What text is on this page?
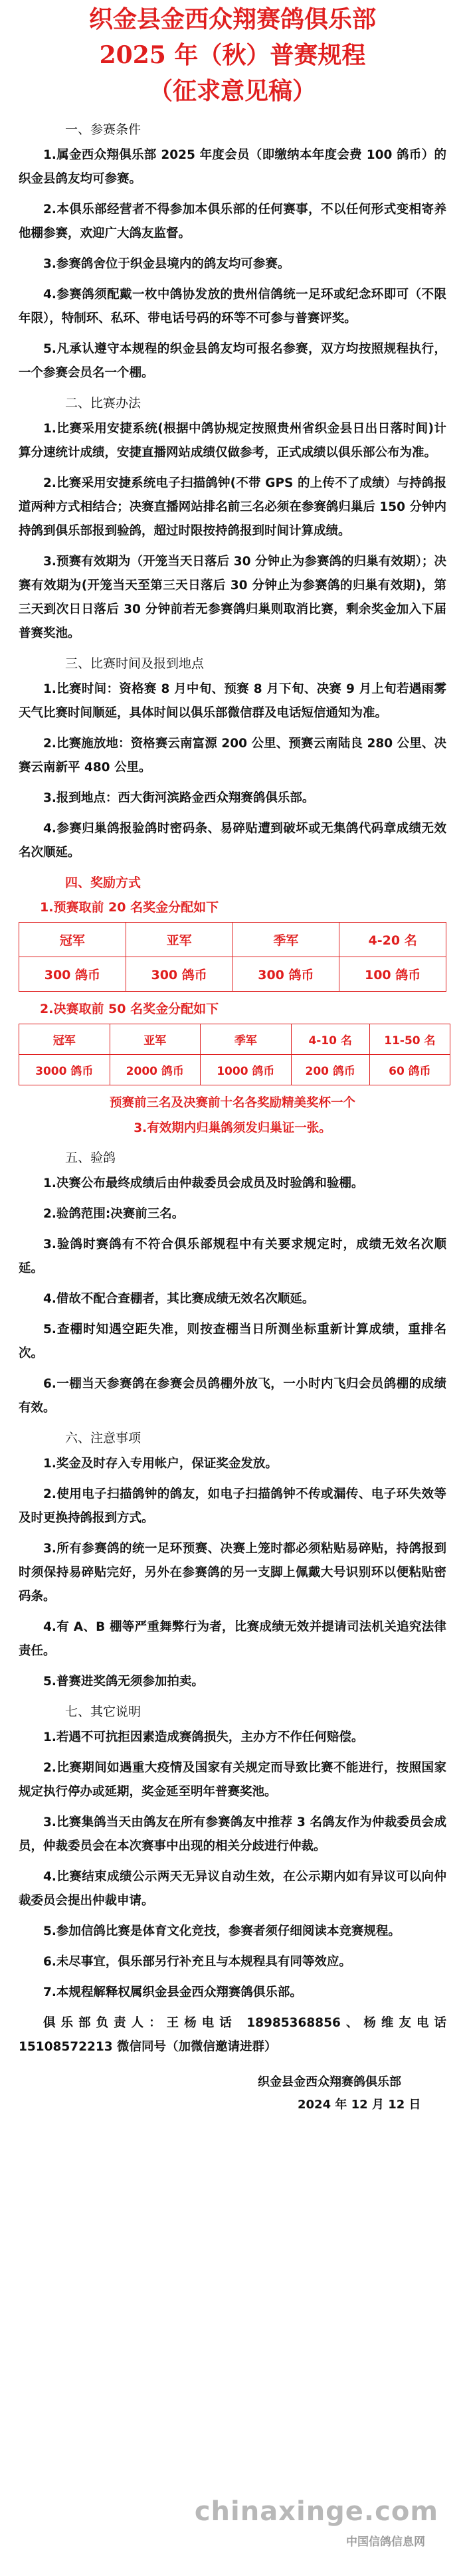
织金县金西众翔赛鸽俱乐部
2025 年（秋）普赛规程
（征求意见稿）
一、参赛条件
1.属金西众翔俱乐部 2025 年度会员（即缴纳本年度会费 100 鸽币）的织金县鸽友均可参赛。
2.本俱乐部经营者不得参加本俱乐部的任何赛事，不以任何形式变相寄养他棚参赛，欢迎广大鸽友监督。
3.参赛鸽舍位于织金县境内的鸽友均可参赛。
4.参赛鸽须配戴一枚中鸽协发放的贵州信鸽统一足环或纪念环即可（不限年限），特制环、私环、带电话号码的环等不可参与普赛评奖。
5.凡承认遵守本规程的织金县鸽友均可报名参赛，双方均按照规程执行，一个参赛会员名一个棚。
二、比赛办法
1.比赛采用安捷系统(根据中鸽协规定按照贵州省织金县日出日落时间)计算分速统计成绩，安捷直播网站成绩仅做参考，正式成绩以俱乐部公布为准。
2.比赛采用安捷系统电子扫描鸽钟(不带 GPS 的上传不了成绩）与持鸽报道两种方式相结合；决赛直播网站排名前三名必须在参赛鸽归巢后 150 分钟内持鸽到俱乐部报到验鸽，超过时限按持鸽报到时间计算成绩。
3.预赛有效期为（开笼当天日落后 30 分钟止为参赛鸽的归巢有效期）；决赛有效期为(开笼当天至第三天日落后 30 分钟止为参赛鸽的归巢有效期)，第三天到次日日落后 30 分钟前若无参赛鸽归巢则取消比赛，剩余奖金加入下届普赛奖池。
三、比赛时间及报到地点
1.比赛时间：资格赛 8 月中旬、预赛 8 月下旬、决赛 9 月上旬若遇雨雾天气比赛时间顺延，具体时间以俱乐部微信群及电话短信通知为准。
2.比赛施放地：资格赛云南富源 200 公里、预赛云南陆良 280 公里、决赛云南新平 480 公里。
3.报到地点：西大街河滨路金西众翔赛鸽俱乐部。
4.参赛归巢鸽报验鸽时密码条、易碎贴遭到破坏或无集鸽代码章成绩无效名次顺延。
四、奖励方式
1.预赛取前 20 名奖金分配如下
冠军	亚军	季军	4-20 名
300 鸽币	300 鸽币	300 鸽币	100 鸽币
2.决赛取前 50 名奖金分配如下
冠军	亚军	季军	4-10 名	11-50 名
3000 鸽币	2000 鸽币	1000 鸽币	200 鸽币	60 鸽币
预赛前三名及决赛前十名各奖励精美奖杯一个
3.有效期内归巢鸽须发归巢证一张。
五、验鸽
1.决赛公布最终成绩后由仲裁委员会成员及时验鸽和验棚。
2.验鸽范围:决赛前三名。
3.验鸽时赛鸽有不符合俱乐部规程中有关要求规定时，成绩无效名次顺延。
4.借故不配合查棚者，其比赛成绩无效名次顺延。
5.查棚时知遇空距失准，则按查棚当日所测坐标重新计算成绩，重排名次。
6.一棚当天参赛鸽在参赛会员鸽棚外放飞，一小时内飞归会员鸽棚的成绩有效。
六、注意事项
1.奖金及时存入专用帐户，保证奖金发放。
2.使用电子扫描鸽钟的鸽友，如电子扫描鸽钟不传或漏传、电子环失效等及时更换持鸽报到方式。
3.所有参赛鸽的统一足环预赛、决赛上笼时都必须粘贴易碎贴，持鸽报到时须保持易碎贴完好，另外在参赛鸽的另一支脚上佩戴大号识别环以便粘贴密码条。
4.有 A、B 棚等严重舞弊行为者，比赛成绩无效并提请司法机关追究法律责任。
5.普赛进奖鸽无须参加拍卖。
七、其它说明
1.若遇不可抗拒因素造成赛鸽损失，主办方不作任何赔偿。
2.比赛期间如遇重大疫情及国家有关规定而导致比赛不能进行，按照国家规定执行停办或延期，奖金延至明年普赛奖池。
3.比赛集鸽当天由鸽友在所有参赛鸽友中推荐 3 名鸽友作为仲裁委员会成员，仲裁委员会在本次赛事中出现的相关分歧进行仲裁。
4.比赛结束成绩公示两天无异议自动生效，在公示期内如有异议可以向仲裁委员会提出仲裁申请。
5.参加信鸽比赛是体育文化竞技，参赛者须仔细阅读本竞赛规程。
6.未尽事宜，俱乐部另行补充且与本规程具有同等效应。
7.本规程解释权属织金县金西众翔赛鸽俱乐部。
俱乐部负责人：王杨电话 18985368856、杨维友电话 15108572213 微信同号（加微信邀请进群）
织金县金西众翔赛鸽俱乐部
2024 年 12 月 12 日
chinaxinge.com
中国信鸽信息网
